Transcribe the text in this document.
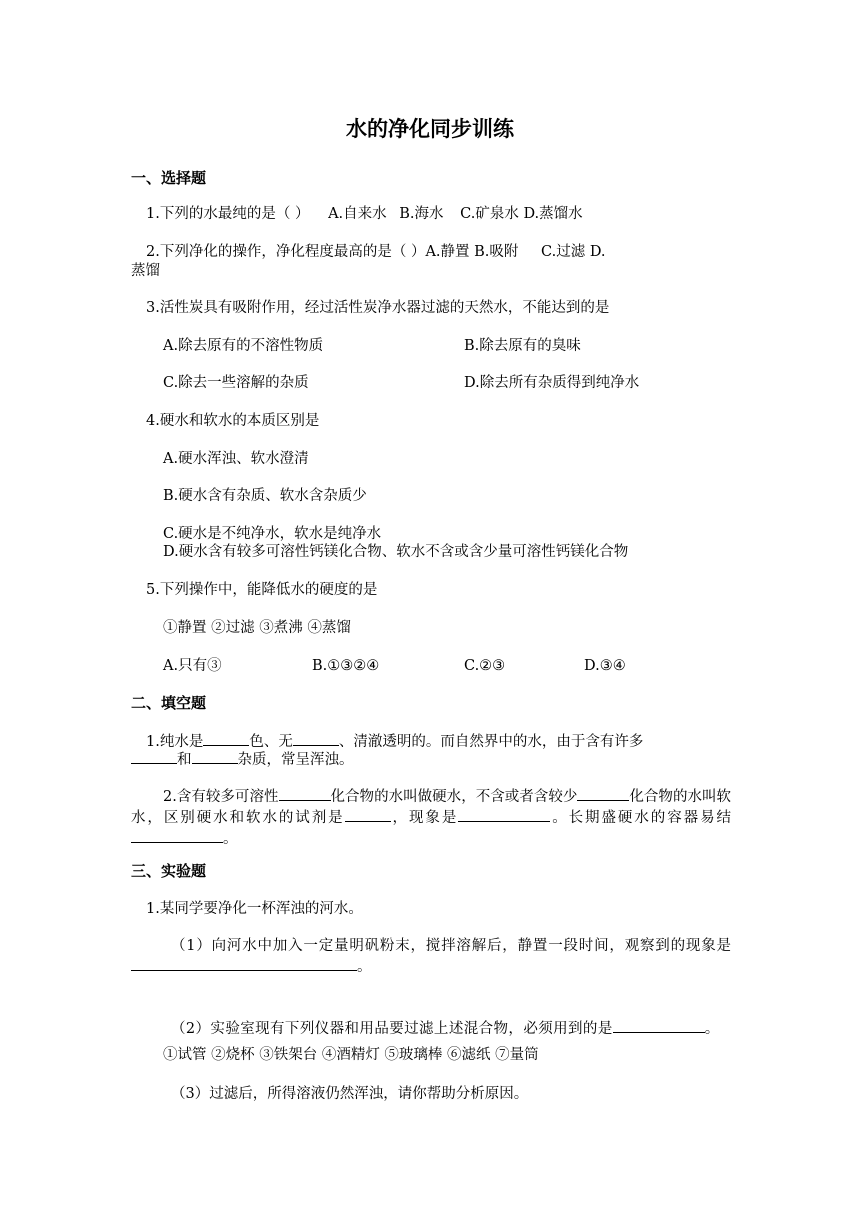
水的净化同步训练
一、选择题
1.下列的水最纯的是（ ） A.自来水 B.海水 C.矿泉水 D.蒸馏水
2.下列净化的操作，净化程度最高的是（ ）A.静置 B.吸附 C.过滤 D.
蒸馏
3.活性炭具有吸附作用，经过活性炭净水器过滤的天然水，不能达到的是
A.除去原有的不溶性物质	B.除去原有的臭味
C.除去一些溶解的杂质	D.除去所有杂质得到纯净水
4.硬水和软水的本质区别是
A.硬水浑浊、软水澄清
B.硬水含有杂质、软水含杂质少
C.硬水是不纯净水，软水是纯净水
D.硬水含有较多可溶性钙镁化合物、软水不含或含少量可溶性钙镁化合物
5.下列操作中，能降低水的硬度的是
①静置 ②过滤 ③煮沸 ④蒸馏
A.只有③	B.①③②④	C.②③	D.③④
二、填空题
1.纯水是	色、无	、清澈透明的。而自然界中的水，由于含有许多
和	杂质，常呈浑浊。
2.含有较多可溶性	化合物的水叫做硬水，不含或者含较少	化合物的水叫软水，区别硬水和软水的试剂是	，现象是	。长期盛硬水的容器易结。
三、实验题
1.某同学要净化一杯浑浊的河水。
（1）向河水中加入一定量明矾粉末，搅拌溶解后，静置一段时间，观察到的现象是。
（2）实验室现有下列仪器和用品要过滤上述混合物，必须用到的是	。
①试管 ②烧杯 ③铁架台 ④酒精灯 ⑤玻璃棒 ⑥滤纸 ⑦量筒
（3）过滤后，所得溶液仍然浑浊，请你帮助分析原因。
